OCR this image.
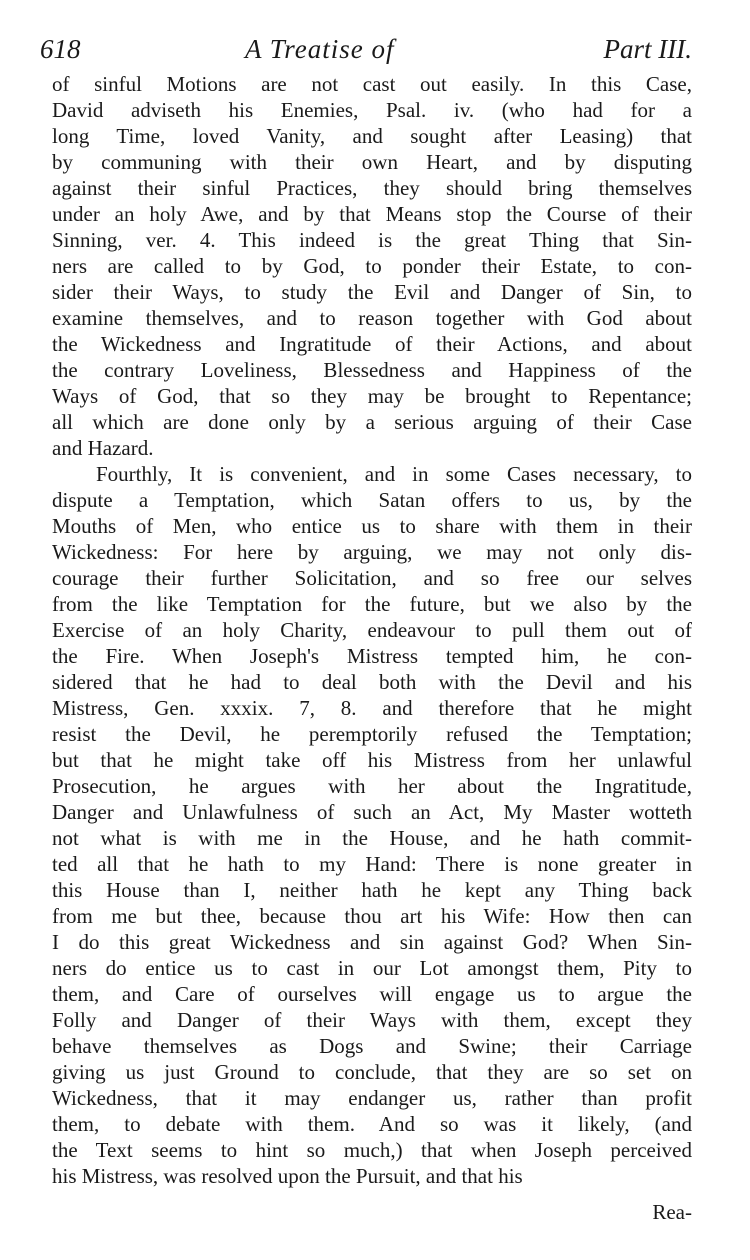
618	A Treatise of	Part III.
of sinful Motions are not cast out easily. In this Case,
David adviseth his Enemies, Psal. iv. (who had for a
long Time, loved Vanity, and sought after Leasing) that
by communing with their own Heart, and by disputing
against their sinful Practices, they should bring themselves
under an holy Awe, and by that Means stop the Course of their
Sinning, ver. 4. This indeed is the great Thing that Sin-
ners are called to by God, to ponder their Estate, to con-
sider their Ways, to study the Evil and Danger of Sin, to
examine themselves, and to reason together with God about
the Wickedness and Ingratitude of their Actions, and about
the contrary Loveliness, Blessedness and Happiness of the
Ways of God, that so they may be brought to Repentance;
all which are done only by a serious arguing of their Case
and Hazard.
Fourthly, It is convenient, and in some Cases necessary, to
dispute a Temptation, which Satan offers to us, by the
Mouths of Men, who entice us to share with them in their
Wickedness: For here by arguing, we may not only dis-
courage their further Solicitation, and so free our selves
from the like Temptation for the future, but we also by the
Exercise of an holy Charity, endeavour to pull them out of
the Fire. When Joseph's Mistress tempted him, he con-
sidered that he had to deal both with the Devil and his
Mistress, Gen. xxxix. 7, 8. and therefore that he might
resist the Devil, he peremptorily refused the Temptation;
but that he might take off his Mistress from her unlawful
Prosecution, he argues with her about the Ingratitude,
Danger and Unlawfulness of such an Act, My Master wotteth
not what is with me in the House, and he hath commit-
ted all that he hath to my Hand: There is none greater in
this House than I, neither hath he kept any Thing back
from me but thee, because thou art his Wife: How then can
I do this great Wickedness and sin against God? When Sin-
ners do entice us to cast in our Lot amongst them, Pity to
them, and Care of ourselves will engage us to argue the
Folly and Danger of their Ways with them, except they
behave themselves as Dogs and Swine; their Carriage
giving us just Ground to conclude, that they are so set on
Wickedness, that it may endanger us, rather than profit
them, to debate with them. And so was it likely, (and
the Text seems to hint so much,) that when Joseph perceived
his Mistress, was resolved upon the Pursuit, and that his
Rea-
